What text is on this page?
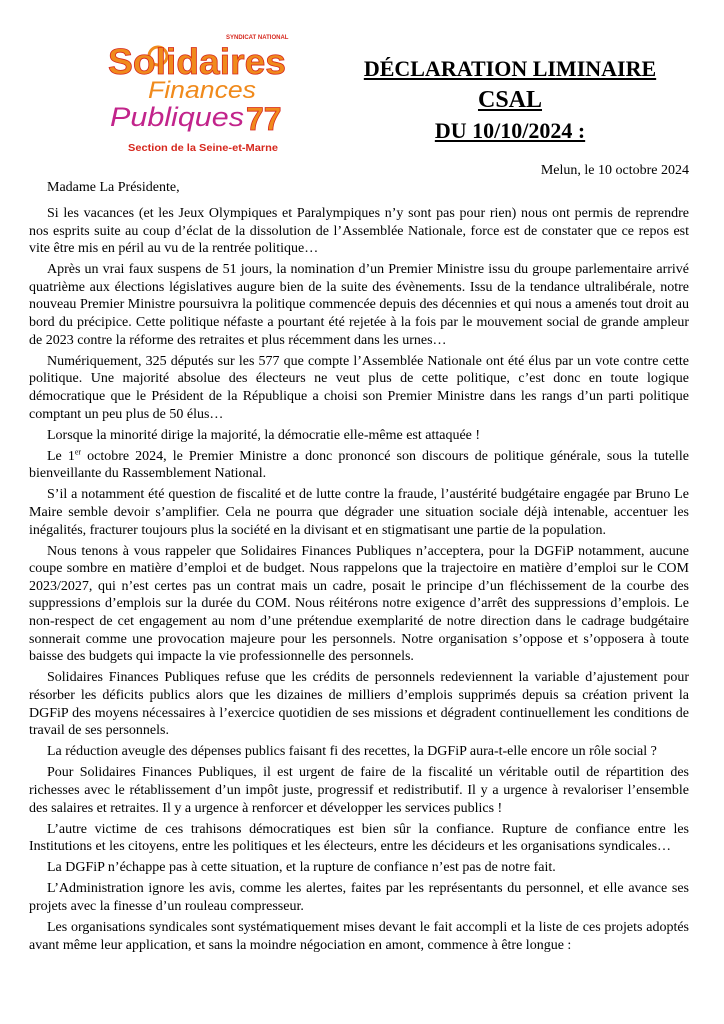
SYNDICAT NATIONAL
Solidaires
Finances
Publiques 77
Section de la Seine-et-Marne
DÉCLARATION LIMINAIRE
CSAL
DU 10/10/2024 :
Melun, le 10 octobre 2024
Madame La Présidente,

Si les vacances (et les Jeux Olympiques et Paralympiques n’y sont pas pour rien) nous ont permis de reprendre nos esprits suite au coup d’éclat de la dissolution de l’Assemblée Nationale, force est de constater que ce repos est vite être mis en péril au vu de la rentrée politique…

Après un vrai faux suspens de 51 jours, la nomination d’un Premier Ministre issu du groupe parlementaire arrivé quatrième aux élections législatives augure bien de la suite des évènements. Issu de la tendance ultralibérale, notre nouveau Premier Ministre poursuivra la politique commencée depuis des décennies et qui nous a amenés tout droit au bord du précipice. Cette politique néfaste a pourtant été rejetée à la fois par le mouvement social de grande ampleur de 2023 contre la réforme des retraites et plus récemment dans les urnes…

Numériquement, 325 députés sur les 577 que compte l’Assemblée Nationale ont été élus par un vote contre cette politique. Une majorité absolue des électeurs ne veut plus de cette politique, c’est donc en toute logique démocratique que le Président de la République a choisi son Premier Ministre dans les rangs d’un parti politique comptant un peu plus de 50 élus…

Lorsque la minorité dirige la majorité, la démocratie elle-même est attaquée !

Le 1er octobre 2024, le Premier Ministre a donc prononcé son discours de politique générale, sous la tutelle bienveillante du Rassemblement National.

S’il a notamment été question de fiscalité et de lutte contre la fraude, l’austérité budgétaire engagée par Bruno Le Maire semble devoir s’amplifier. Cela ne pourra que dégrader une situation sociale déjà intenable, accentuer les inégalités, fracturer toujours plus la société en la divisant et en stigmatisant une partie de la population.

Nous tenons à vous rappeler que Solidaires Finances Publiques n’acceptera, pour la DGFiP notamment, aucune coupe sombre en matière d’emploi et de budget. Nous rappelons que la trajectoire en matière d’emploi sur le COM 2023/2027, qui n’est certes pas un contrat mais un cadre, posait le principe d’un fléchissement de la courbe des suppressions d’emplois sur la durée du COM. Nous réitérons notre exigence d’arrêt des suppressions d’emplois. Le non-respect de cet engagement au nom d’une prétendue exemplarité de notre direction dans le cadrage budgétaire sonnerait comme une provocation majeure pour les personnels. Notre organisation s’oppose et s’opposera à toute baisse des budgets qui impacte la vie professionnelle des personnels.

Solidaires Finances Publiques refuse que les crédits de personnels redeviennent la variable d’ajustement pour résorber les déficits publics alors que les dizaines de milliers d’emplois supprimés depuis sa création privent la DGFiP des moyens nécessaires à l’exercice quotidien de ses missions et dégradent continuellement les conditions de travail de ses personnels.

La réduction aveugle des dépenses publics faisant fi des recettes, la DGFiP aura-t-elle encore un rôle social ?

Pour Solidaires Finances Publiques, il est urgent de faire de la fiscalité un véritable outil de répartition des richesses avec le rétablissement d’un impôt juste, progressif et redistributif. Il y a urgence à revaloriser l’ensemble des salaires et retraites. Il y a urgence à renforcer et développer les services publics !

L’autre victime de ces trahisons démocratiques est bien sûr la confiance. Rupture de confiance entre les Institutions et les citoyens, entre les politiques et les électeurs, entre les décideurs et les organisations syndicales…

La DGFiP n’échappe pas à cette situation, et la rupture de confiance n’est pas de notre fait.

L’Administration ignore les avis, comme les alertes, faites par les représentants du personnel, et elle avance ses projets avec la finesse d’un rouleau compresseur.

Les organisations syndicales sont systématiquement mises devant le fait accompli et la liste de ces projets adoptés avant même leur application, et sans la moindre négociation en amont, commence à être longue :
